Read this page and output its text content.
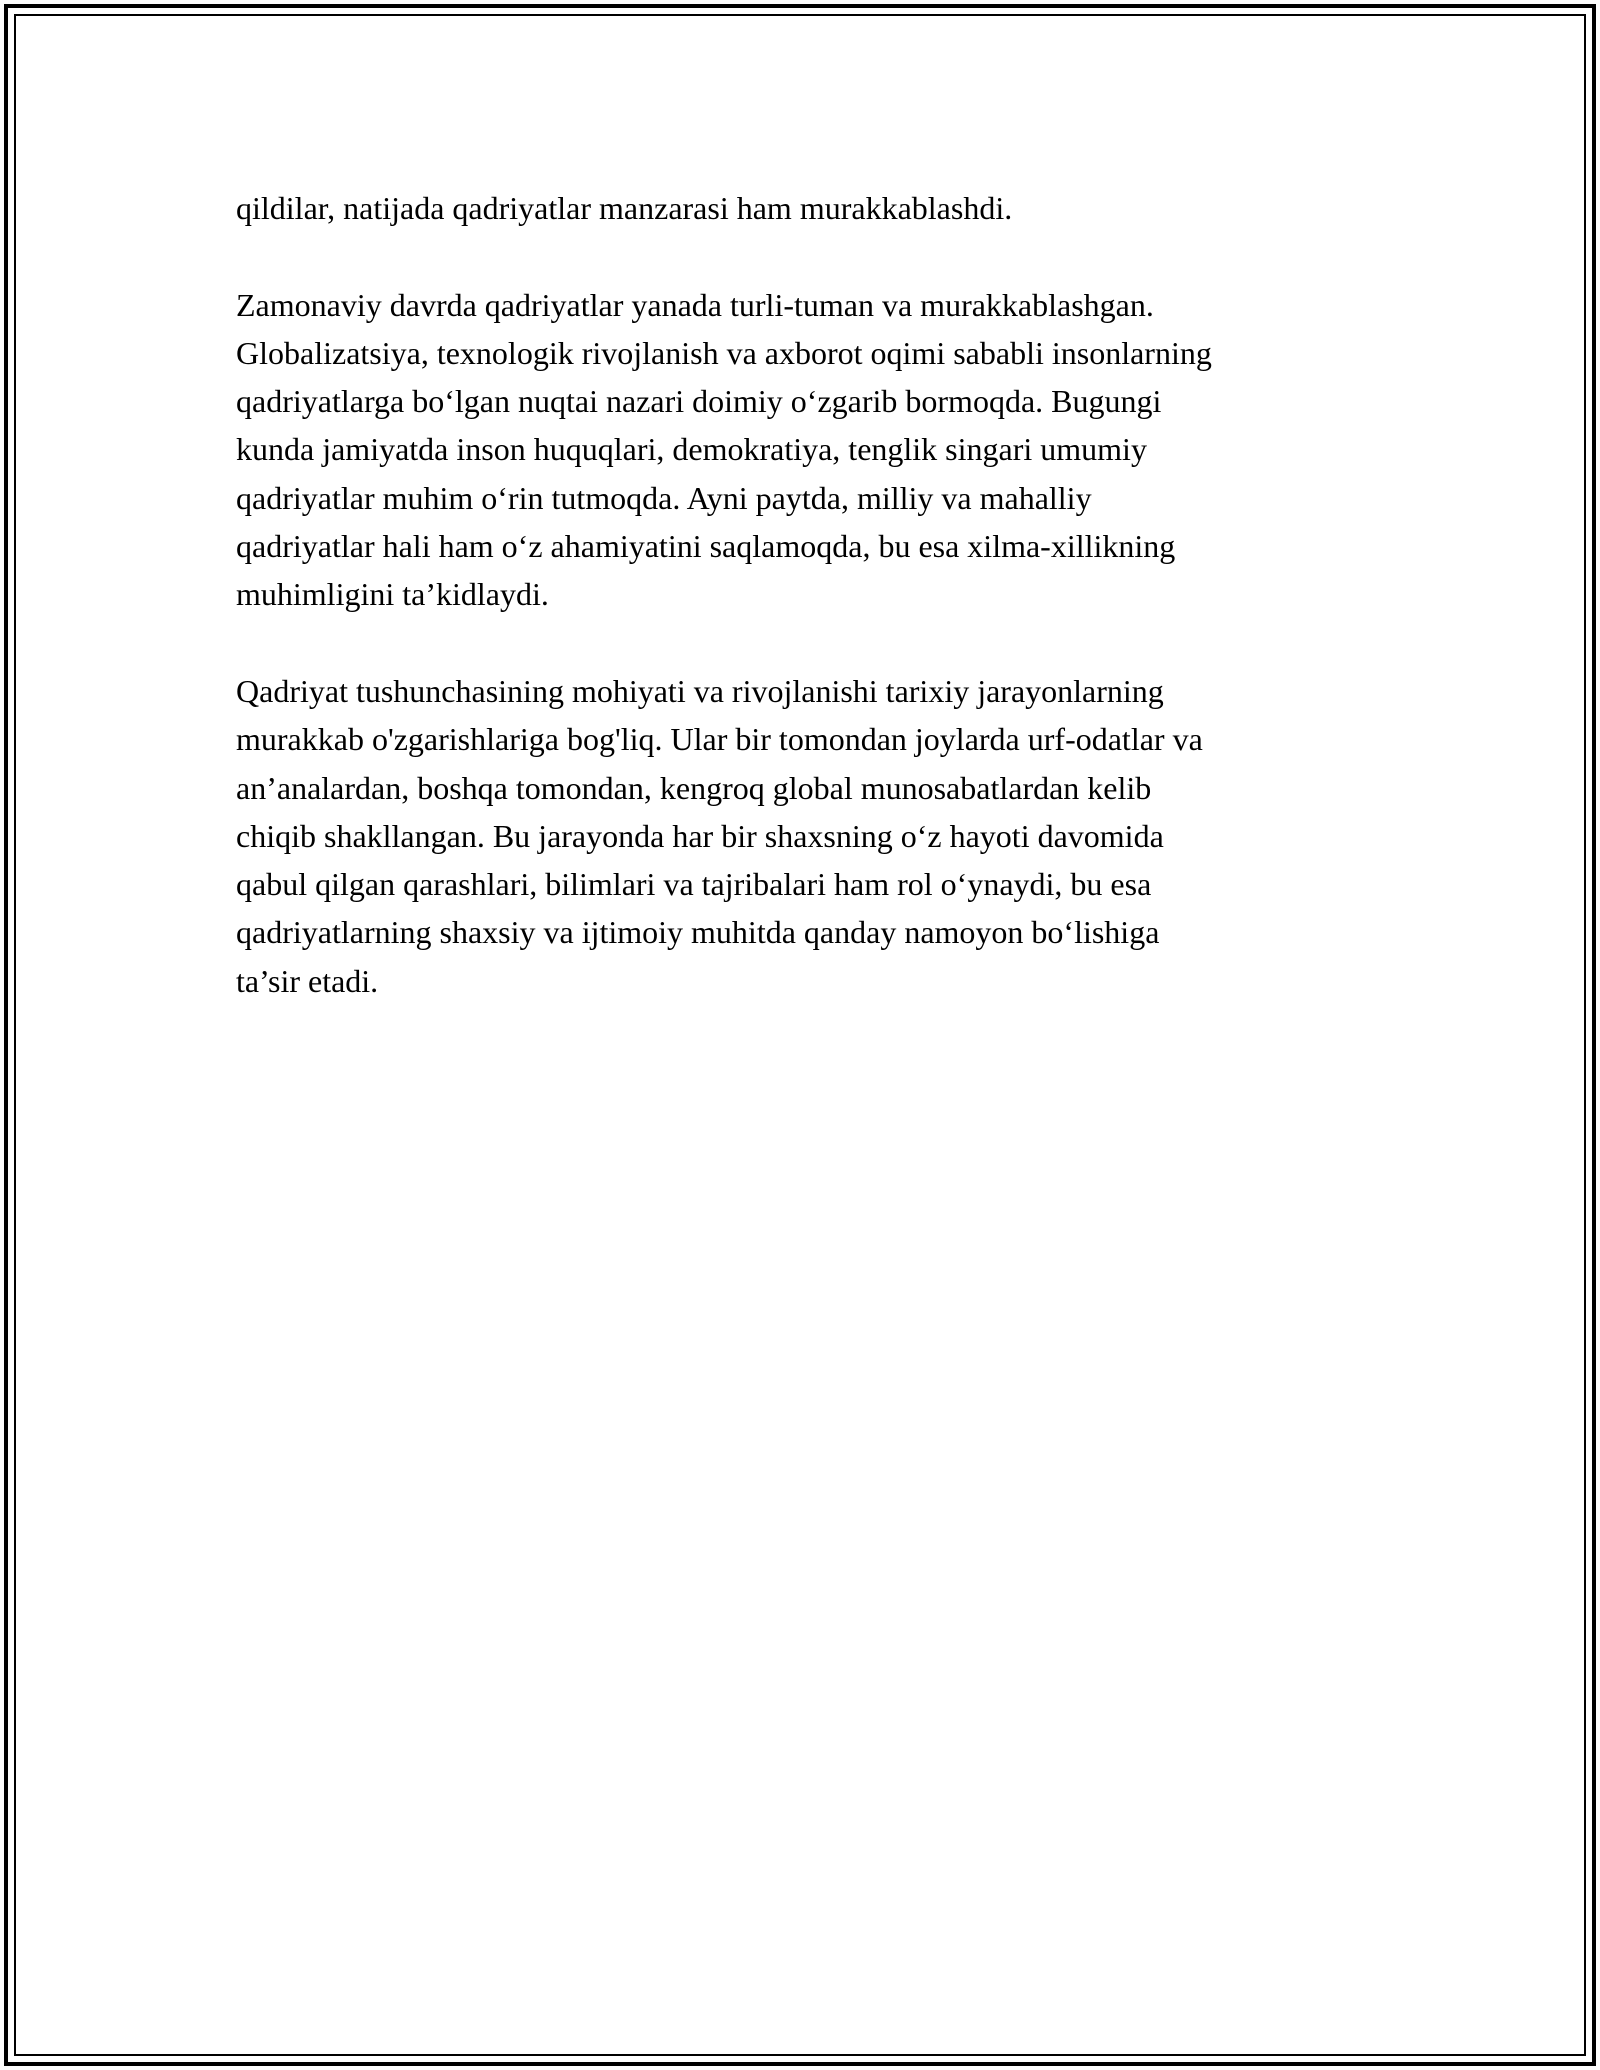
qildilar, natijada qadriyatlar manzarasi ham murakkablashdi.

Zamonaviy davrda qadriyatlar yanada turli-tuman va murakkablashgan.
Globalizatsiya, texnologik rivojlanish va axborot oqimi sababli insonlarning
qadriyatlarga bo‘lgan nuqtai nazari doimiy o‘zgarib bormoqda. Bugungi
kunda jamiyatda inson huquqlari, demokratiya, tenglik singari umumiy
qadriyatlar muhim o‘rin tutmoqda. Ayni paytda, milliy va mahalliy
qadriyatlar hali ham o‘z ahamiyatini saqlamoqda, bu esa xilma-xillikning
muhimligini ta’kidlaydi.

Qadriyat tushunchasining mohiyati va rivojlanishi tarixiy jarayonlarning
murakkab o'zgarishlariga bog'liq. Ular bir tomondan joylarda urf-odatlar va
an’analardan, boshqa tomondan, kengroq global munosabatlardan kelib
chiqib shakllangan. Bu jarayonda har bir shaxsning o‘z hayoti davomida
qabul qilgan qarashlari, bilimlari va tajribalari ham rol o‘ynaydi, bu esa
qadriyatlarning shaxsiy va ijtimoiy muhitda qanday namoyon bo‘lishiga
ta’sir etadi.
